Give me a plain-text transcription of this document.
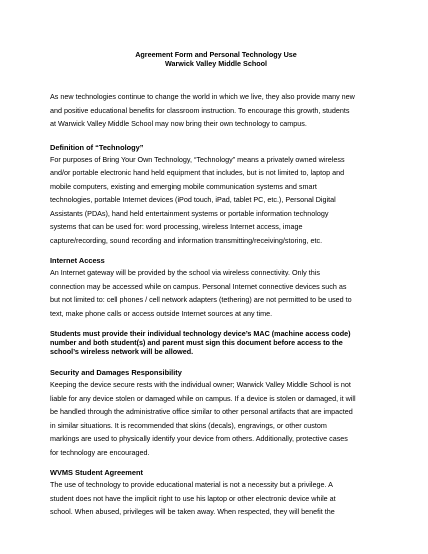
Agreement Form and Personal Technology Use
Warwick Valley Middle School

As new technologies continue to change the world in which we live, they also provide many new

and positive educational benefits for classroom instruction. To encourage this growth, students

at Warwick Valley Middle School may now bring their own technology to campus.

Definition of “Technology”

For purposes of Bring Your Own Technology, “Technology” means a privately owned wireless

and/or portable electronic hand held equipment that includes, but is not limited to, laptop and

mobile computers, existing and emerging mobile communication systems and smart

technologies, portable Internet devices (iPod touch, iPad, tablet PC, etc.), Personal Digital

Assistants (PDAs), hand held entertainment systems or portable information technology

systems that can be used for: word processing, wireless Internet access, image

capture/recording, sound recording and information transmitting/receiving/storing, etc.

Internet Access

An Internet gateway will be provided by the school via wireless connectivity. Only this

connection may be accessed while on campus. Personal Internet connective devices such as

but not limited to: cell phones / cell network adapters (tethering) are not permitted to be used to

text, make phone calls or access outside Internet sources at any time.

Students must provide their individual technology device’s MAC (machine access code)
number and both student(s) and parent must sign this document before access to the
school’s wireless network will be allowed.
Security and Damages Responsibility

Keeping the device secure rests with the individual owner; Warwick Valley Middle School is not

liable for any device stolen or damaged while on campus. If a device is stolen or damaged, it will

be handled through the administrative office similar to other personal artifacts that are impacted

in similar situations. It is recommended that skins (decals), engravings, or other custom

markings are used to physically identify your device from others. Additionally, protective cases

for technology are encouraged.

WVMS Student Agreement

The use of technology to provide educational material is not a necessity but a privilege. A

student does not have the implicit right to use his laptop or other electronic device while at

school. When abused, privileges will be taken away. When respected, they will benefit the
